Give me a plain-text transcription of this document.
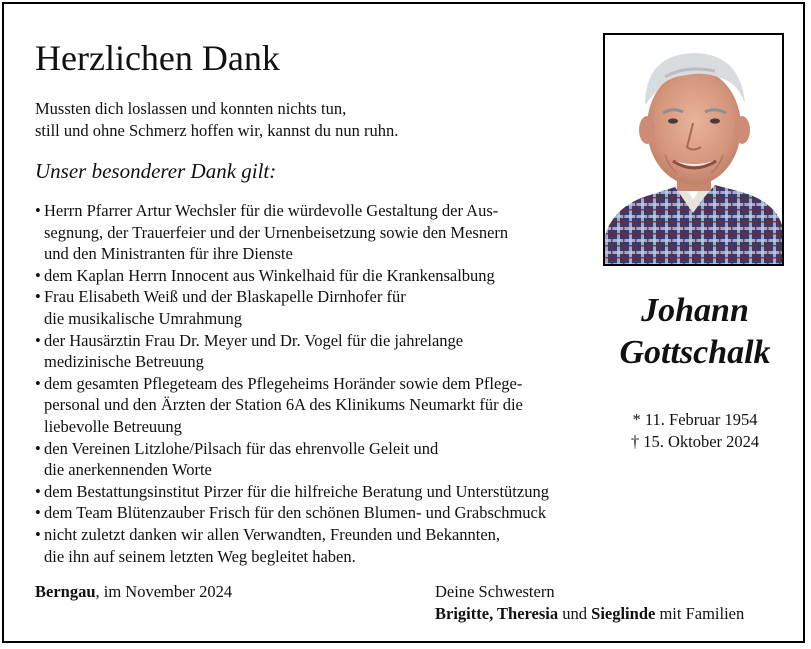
Herzlichen Dank
Mussten dich loslassen und konnten nichts tun,
still und ohne Schmerz hoffen wir, kannst du nun ruhn.
Unser besonderer Dank gilt:
• Herrn Pfarrer Artur Wechsler für die würdevolle Gestaltung der Aus-
segnung, der Trauerfeier und der Urnenbeisetzung sowie den Mesnern
und den Ministranten für ihre Dienste
• dem Kaplan Herrn Innocent aus Winkelhaid für die Krankensalbung
• Frau Elisabeth Weiß und der Blaskapelle Dirnhofer für
die musikalische Umrahmung
• der Hausärztin Frau Dr. Meyer und Dr. Vogel für die jahrelange
medizinische Betreuung
• dem gesamten Pflegeteam des Pflegeheims Horänder sowie dem Pflege-
personal und den Ärzten der Station 6A des Klinikums Neumarkt für die
liebevolle Betreuung
• den Vereinen Litzlohe/Pilsach für das ehrenvolle Geleit und
die anerkennenden Worte
• dem Bestattungsinstitut Pirzer für die hilfreiche Beratung und Unterstützung
• dem Team Blütenzauber Frisch für den schönen Blumen- und Grabschmuck
• nicht zuletzt danken wir allen Verwandten, Freunden und Bekannten,
die ihn auf seinem letzten Weg begleitet haben.
Johann
Gottschalk
* 11. Februar 1954
† 15. Oktober 2024
Berngau, im November 2024	Deine Schwestern
Brigitte, Theresia und Sieglinde mit Familien
